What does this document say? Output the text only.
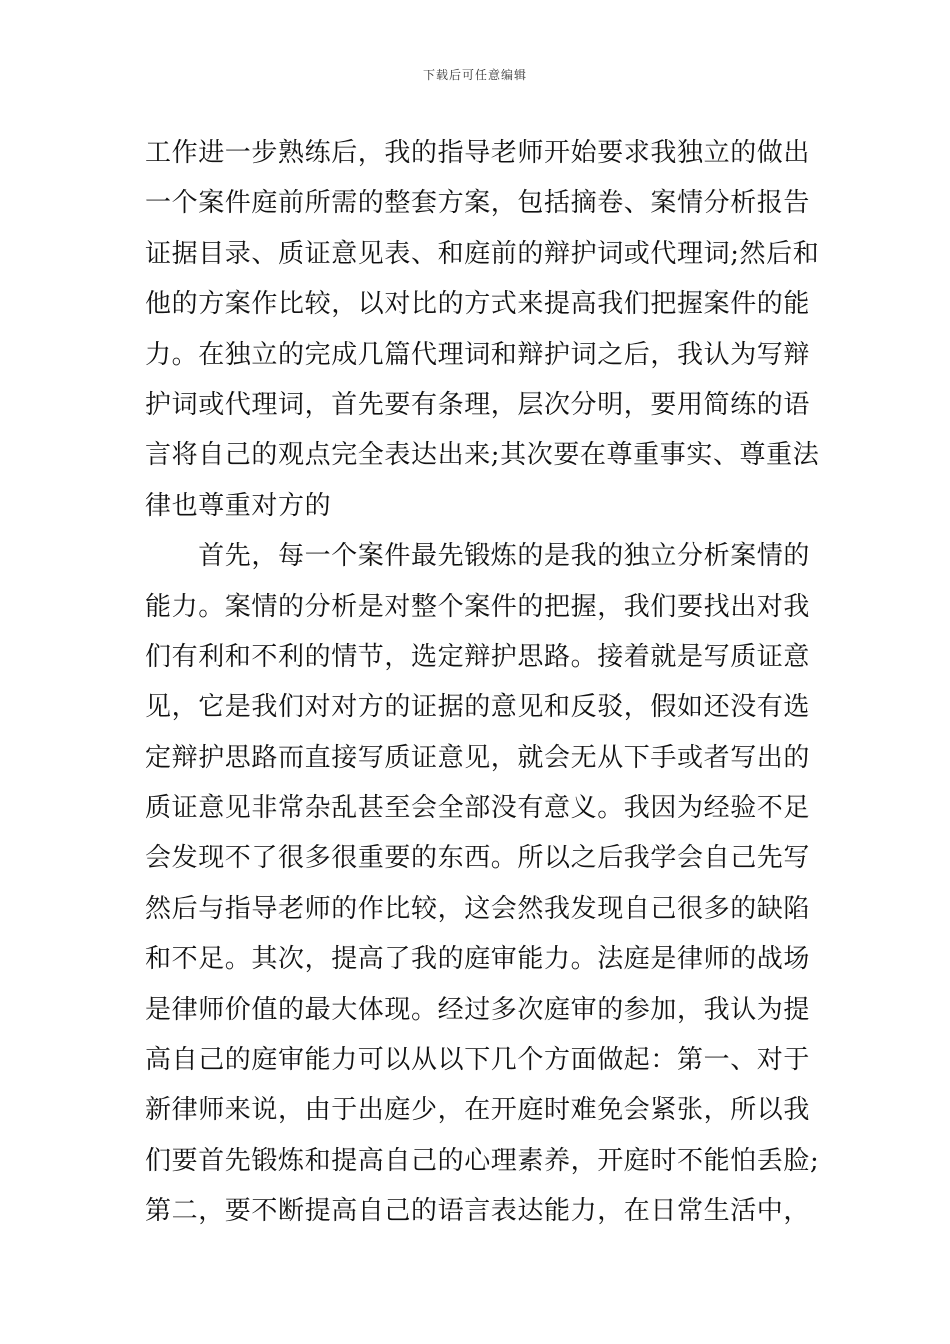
下载后可任意编辑
工作进一步熟练后，我的指导老师开始要求我独立的做出
一个案件庭前所需的整套方案，包括摘卷、案情分析报告
证据目录、质证意见表、和庭前的辩护词或代理词;然后和
他的方案作比较，以对比的方式来提高我们把握案件的能
力。在独立的完成几篇代理词和辩护词之后，我认为写辩
护词或代理词，首先要有条理，层次分明，要用简练的语
言将自己的观点完全表达出来;其次要在尊重事实、尊重法
律也尊重对方的
　　首先，每一个案件最先锻炼的是我的独立分析案情的
能力。案情的分析是对整个案件的把握，我们要找出对我
们有利和不利的情节，选定辩护思路。接着就是写质证意
见，它是我们对对方的证据的意见和反驳，假如还没有选
定辩护思路而直接写质证意见，就会无从下手或者写出的
质证意见非常杂乱甚至会全部没有意义。我因为经验不足
会发现不了很多很重要的东西。所以之后我学会自己先写
然后与指导老师的作比较，这会然我发现自己很多的缺陷
和不足。其次，提高了我的庭审能力。法庭是律师的战场
是律师价值的最大体现。经过多次庭审的参加，我认为提
高自己的庭审能力可以从以下几个方面做起：第一、对于
新律师来说，由于出庭少，在开庭时难免会紧张，所以我
们要首先锻炼和提高自己的心理素养，开庭时不能怕丢脸;
第二，要不断提高自己的语言表达能力，在日常生活中，
